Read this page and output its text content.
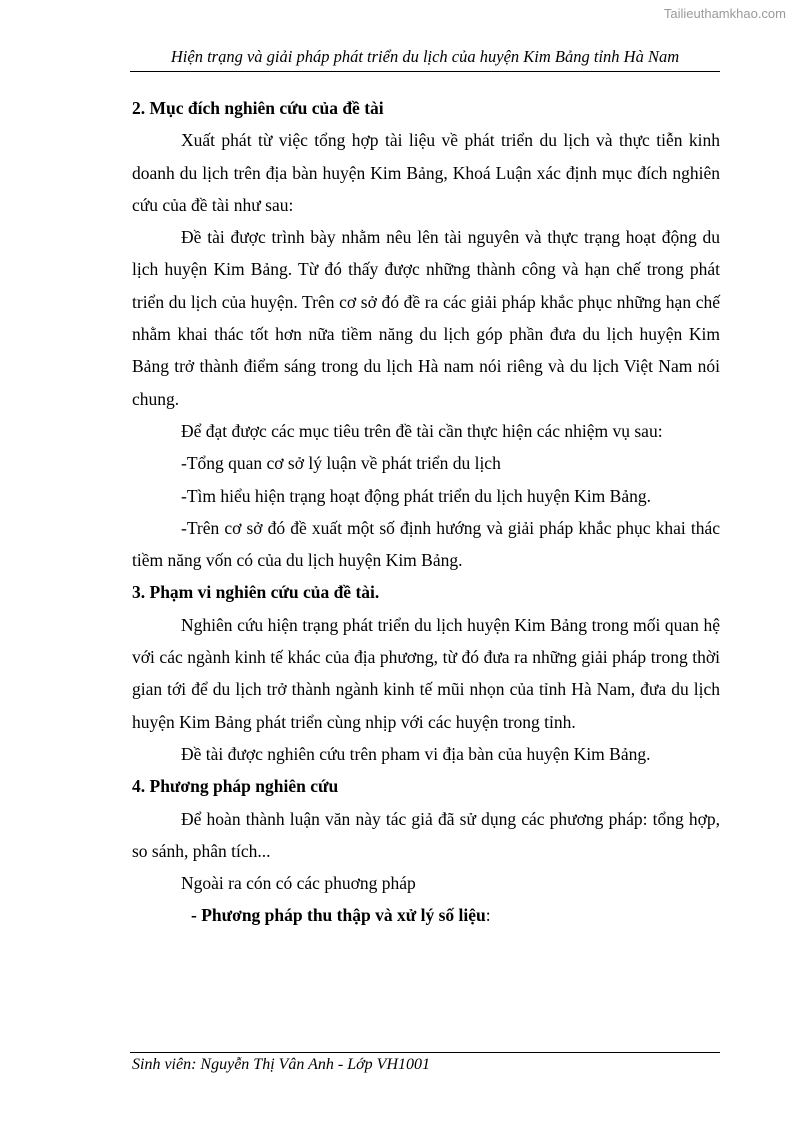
Tailieuthamkhao.com
Hiện trạng và giải pháp phát triển du lịch của huyện Kim Bảng tỉnh Hà Nam

2. Mục đích nghiên cứu của đề tài

Xuất phát từ việc tổng hợp tài liệu về phát triển du lịch và thực tiễn kinh doanh du lịch trên địa bàn huyện Kim Bảng, Khoá Luận xác định mục đích nghiên cứu của đề tài như sau:

Đề tài được trình bày nhằm nêu lên tài nguyên và thực trạng hoạt động du lịch huyện Kim Bảng. Từ đó thấy được những thành công và hạn chế trong phát triển du lịch của huyện. Trên cơ sở đó đề ra các giải pháp khắc phục những hạn chế nhằm khai thác tốt hơn nữa tiềm năng du lịch góp phần đưa du lịch huyện Kim Bảng trở thành điểm sáng trong du lịch Hà nam nói riêng và du lịch Việt Nam nói chung.

Để đạt được các mục tiêu trên đề tài cần thực hiện các nhiệm vụ sau:

-Tổng quan cơ sở lý luận về phát triển du lịch

-Tìm hiểu hiện trạng hoạt động phát triển du lịch huyện Kim Bảng.

-Trên cơ sở đó đề xuất một số định hướng và giải pháp khắc phục khai thác tiềm năng vốn có của du lịch huyện Kim Bảng.

3. Phạm vi nghiên cứu của đề tài.

Nghiên cứu hiện trạng phát triển du lịch huyện Kim Bảng trong mối quan hệ với các ngành kinh tế khác của địa phương, từ đó đưa ra những giải pháp trong thời gian tới để du lịch trở thành ngành kinh tế mũi nhọn của tỉnh Hà Nam, đưa du lịch huyện Kim Bảng phát triển cùng nhịp với các huyện trong tỉnh.

Đề tài được nghiên cứu trên pham vi địa bàn của huyện Kim Bảng.

4. Phương pháp nghiên cứu

Để hoàn thành luận văn này tác giả đã sử dụng các phương pháp: tổng hợp, so sánh, phân tích...

Ngoài ra cón có các phuơng pháp

- Phương pháp thu thập và xử lý số liệu:

Sinh viên: Nguyễn Thị Vân Anh - Lớp VH1001
